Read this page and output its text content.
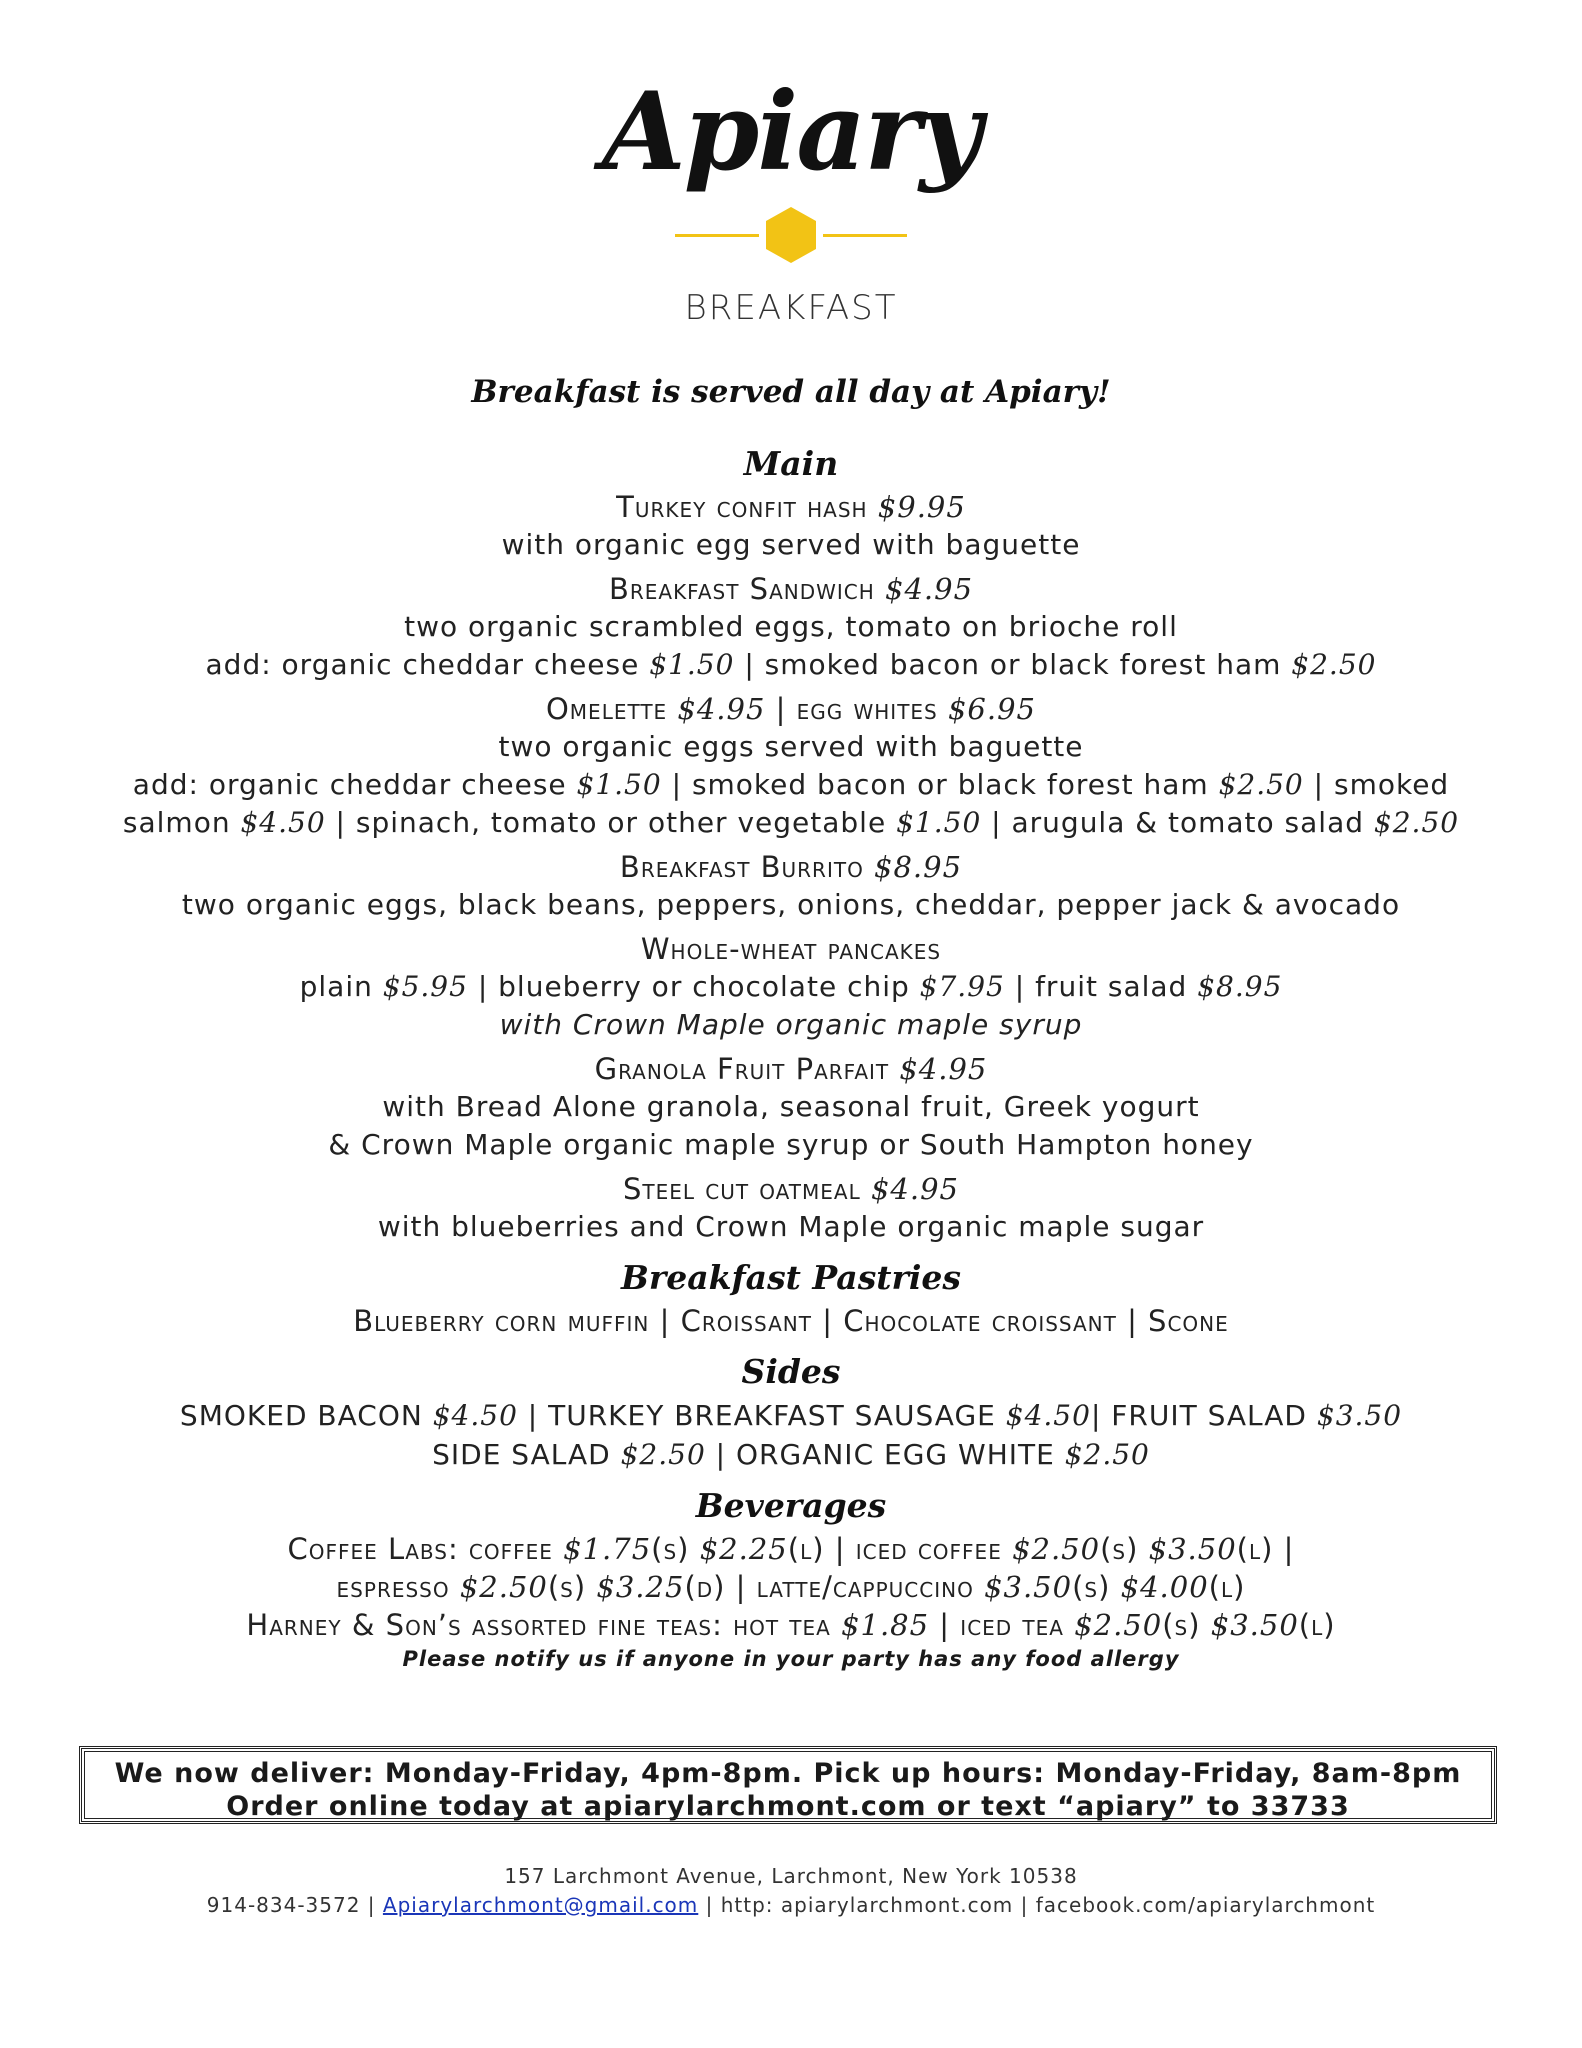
Apiary
BREAKFAST
Breakfast is served all day at Apiary!

Main

Turkey confit hash $9.95

with organic egg served with baguette

Breakfast Sandwich $4.95

two organic scrambled eggs, tomato on brioche roll

add: organic cheddar cheese $1.50 | smoked bacon or black forest ham $2.50

Omelette $4.95 | egg whites $6.95

two organic eggs served with baguette

add: organic cheddar cheese $1.50 | smoked bacon or black forest ham $2.50 | smoked

salmon $4.50 | spinach, tomato or other vegetable $1.50 | arugula & tomato salad $2.50

Breakfast Burrito $8.95

two organic eggs, black beans, peppers, onions, cheddar, pepper jack & avocado

Whole-wheat pancakes

plain $5.95 | blueberry or chocolate chip $7.95 | fruit salad $8.95

with Crown Maple organic maple syrup

Granola Fruit Parfait $4.95

with Bread Alone granola, seasonal fruit, Greek yogurt

& Crown Maple organic maple syrup or South Hampton honey

Steel cut oatmeal $4.95

with blueberries and Crown Maple organic maple sugar

Breakfast Pastries

Blueberry corn muffin | Croissant | Chocolate croissant | Scone

Sides

SMOKED BACON $4.50 | TURKEY BREAKFAST SAUSAGE $4.50| FRUIT SALAD $3.50

SIDE SALAD $2.50 | ORGANIC EGG WHITE $2.50

Beverages

Coffee Labs: coffee $1.75(s) $2.25(l) | iced coffee $2.50(s) $3.50(l) |

espresso $2.50(s) $3.25(d) | latte/cappuccino $3.50(s) $4.00(l)

Harney & Son’s assorted fine teas: hot tea $1.85 | iced tea $2.50(s) $3.50(l)

Please notify us if anyone in your party has any food allergy

We now deliver: Monday-Friday, 4pm-8pm. Pick up hours: Monday-Friday, 8am-8pm

Order online today at apiarylarchmont.com or text “apiary” to 33733

157 Larchmont Avenue, Larchmont, New York 10538
914-834-3572 | Apiarylarchmont@gmail.com | http: apiarylarchmont.com | facebook.com/apiarylarchmont
